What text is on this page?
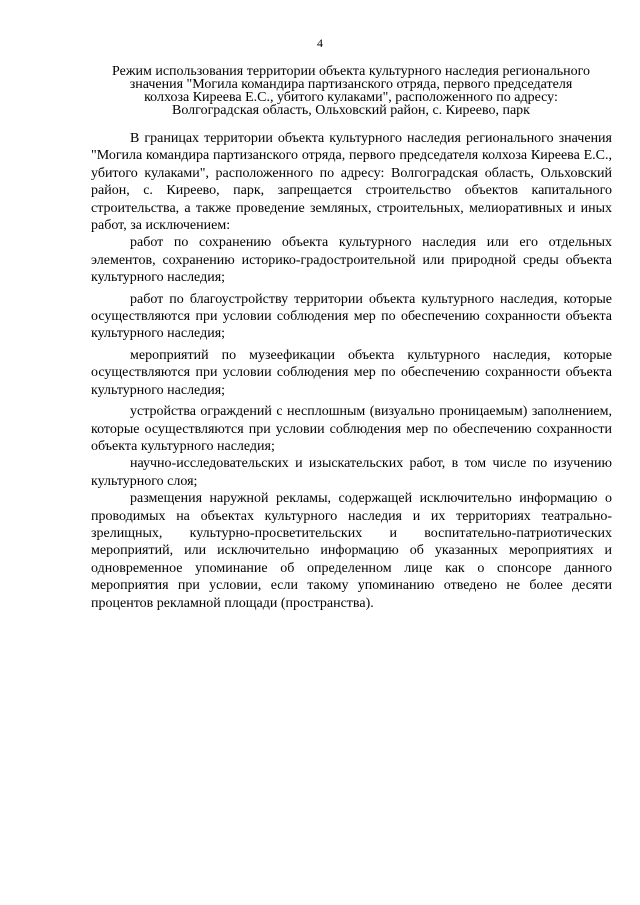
4
Режим использования территории объекта культурного наследия регионального
значения "Могила командира партизанского отряда, первого председателя
колхоза Киреева Е.С., убитого кулаками", расположенного по адресу:
Волгоградская область, Ольховский район, с. Киреево, парк

В границах территории объекта культурного наследия регионального значения "Могила командира партизанского отряда, первого председателя колхоза Киреева Е.С., убитого кулаками", расположенного по адресу: Волгоградская область, Ольховский район, с. Киреево, парк, запрещается строительство объектов капитального строительства, а также проведение земляных, строительных, мелиоративных и иных работ, за исключением:

работ по сохранению объекта культурного наследия или его отдельных элементов, сохранению историко-градостроительной или природной среды объекта культурного наследия;

работ по благоустройству территории объекта культурного наследия, которые осуществляются при условии соблюдения мер по обеспечению сохранности объекта культурного наследия;

мероприятий по музеефикации объекта культурного наследия, которые осуществляются при условии соблюдения мер по обеспечению сохранности объекта культурного наследия;

устройства ограждений с несплошным (визуально проницаемым) заполнением, которые осуществляются при условии соблюдения мер по обеспечению сохранности объекта культурного наследия;

научно-исследовательских и изыскательских работ, в том числе по изучению культурного слоя;

размещения наружной рекламы, содержащей исключительно информацию о проводимых на объектах культурного наследия и их территориях театрально-зрелищных, культурно-просветительских и воспитательно-патриотических мероприятий, или исключительно информацию об указанных мероприятиях и одновременное упоминание об определенном лице как о спонсоре данного мероприятия при условии, если такому упоминанию отведено не более десяти процентов рекламной площади (пространства).
